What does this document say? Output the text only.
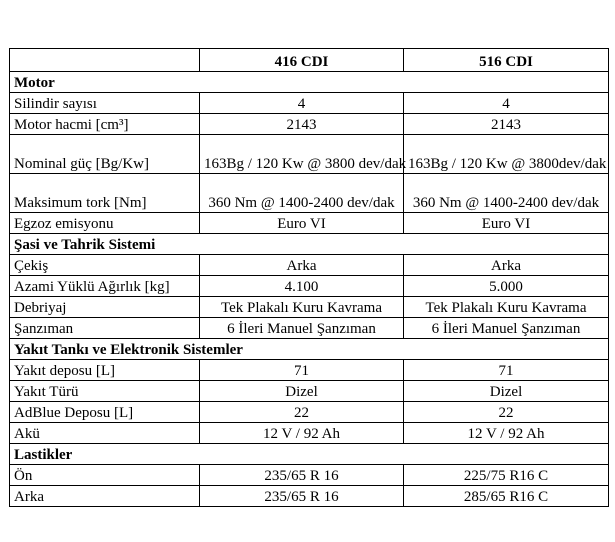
	416 CDI	516 CDI
Motor		
Silindir sayısı	4	4
Motor hacmi [cm³]	2143	2143
Nominal güç [Bg/Kw]	163Bg / 120 Kw @ 3800 dev/dak	163Bg / 120 Kw @ 3800dev/dak
Maksimum tork [Nm]	360 Nm @ 1400-2400 dev/dak	360 Nm @ 1400-2400 dev/dak
Egzoz emisyonu	Euro VI	Euro VI
Şasi ve Tahrik Sistemi		
Çekiş	Arka	Arka
Azami Yüklü Ağırlık [kg]	4.100	5.000
Debriyaj	Tek Plakalı Kuru Kavrama	Tek Plakalı Kuru Kavrama
Şanzıman	6 İleri Manuel Şanzıman	6 İleri Manuel Şanzıman
Yakıt Tankı ve Elektronik Sistemler		
Yakıt deposu [L]	71	71
Yakıt Türü	Dizel	Dizel
AdBlue Deposu [L]	22	22
Akü	12 V / 92 Ah	12 V / 92 Ah
Lastikler		
Ön	235/65 R 16	225/75 R16 C
Arka	235/65 R 16	285/65 R16 C
